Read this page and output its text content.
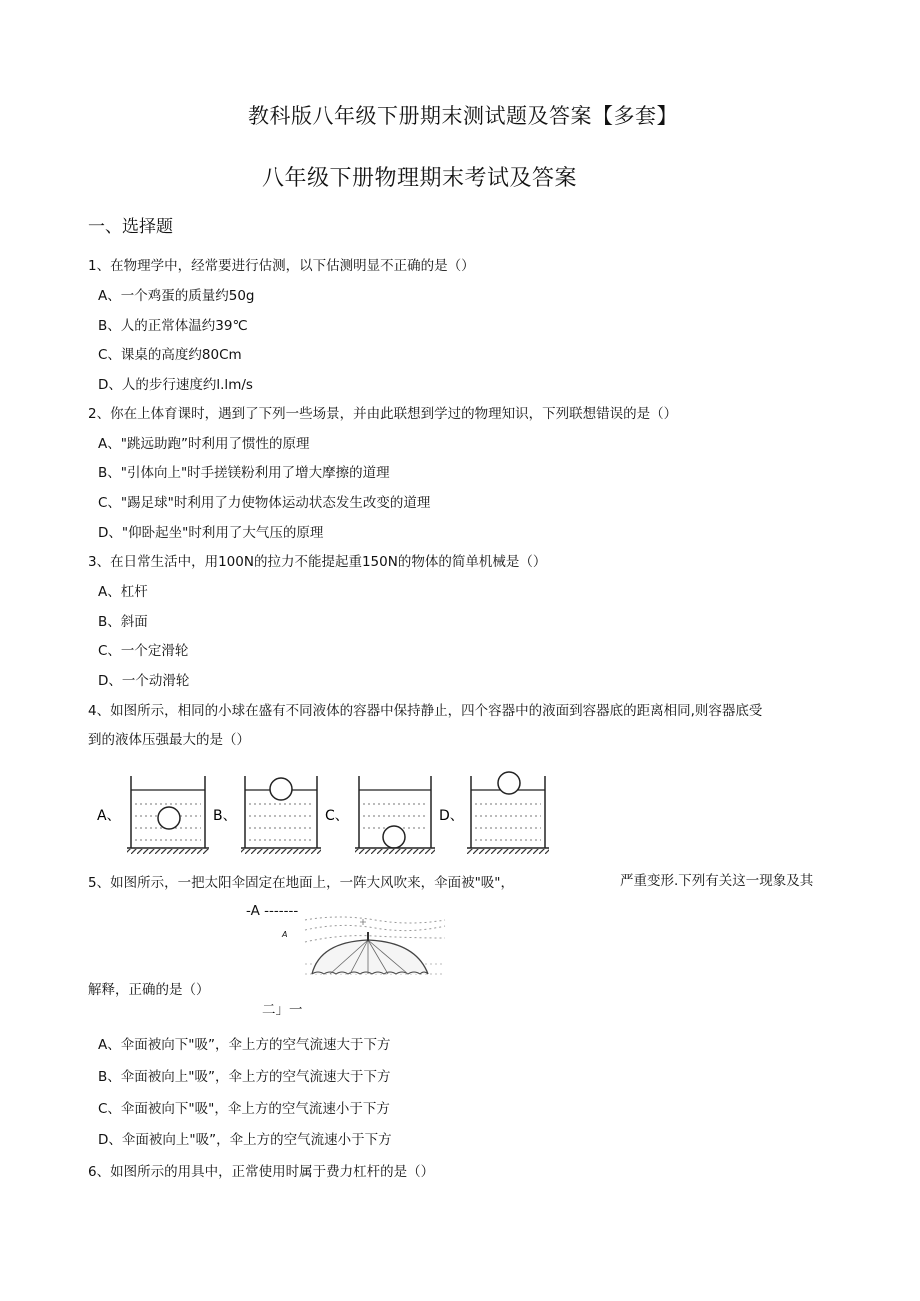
教科版八年级下册期末测试题及答案【多套】
八年级下册物理期末考试及答案
一、选择题
1、在物理学中，经常要进行估测，以下估测明显不正确的是（）
A、一个鸡蛋的质量约50g
B、人的正常体温约39℃
C、课桌的高度约80Cm
D、人的步行速度约l.lm/s
2、你在上体育课时，遇到了下列一些场景，并由此联想到学过的物理知识，下列联想错误的是（）
A、"跳远助跑”时利用了惯性的原理
B、"引体向上"时手搓镁粉利用了增大摩擦的道理
C、"踢足球"时利用了力使物体运动状态发生改变的道理
D、"仰卧起坐"时利用了大气压的原理
3、在日常生活中，用100N的拉力不能提起重150N的物体的简单机械是（）
A、杠杆
B、斜面
C、一个定滑轮
D、一个动滑轮
4、如图所示，相同的小球在盛有不同液体的容器中保持静止，四个容器中的液面到容器底的距离相同,则容器底受
到的液体压强最大的是（）
A、	B、	C、	D、
5、如图所示，一把太阳伞固定在地面上，一阵大风吹来，伞面被"吸"，	严重变形.下列有关这一现象及其
-A -------
A
解释，正确的是（）
二」一
A、伞面被向下"吸”，伞上方的空气流速大于下方
B、伞面被向上"吸”，伞上方的空气流速大于下方
C、伞面被向下"吸"，伞上方的空气流速小于下方
D、伞面被向上"吸”，伞上方的空气流速小于下方
6、如图所示的用具中，正常使用时属于费力杠杆的是（）
